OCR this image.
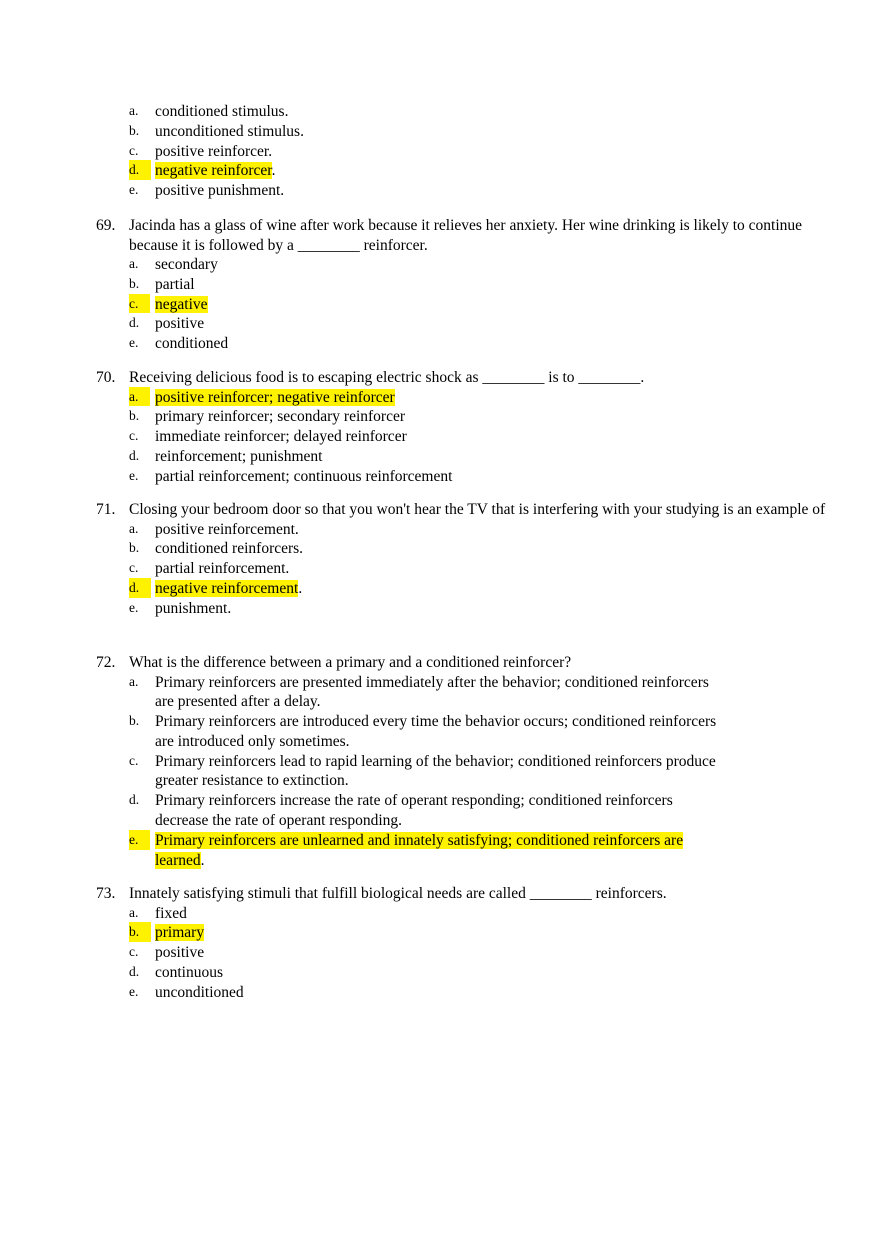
a. conditioned stimulus.
b. unconditioned stimulus.
c. positive reinforcer.
d.	negative reinforcer.
e. positive punishment.
69. Jacinda has a glass of wine after work because it relieves her anxiety. Her wine drinking is likely to continue because it is followed by a ________ reinforcer.
a. secondary
b. partial
c.	negative
d. positive
e. conditioned
70. Receiving delicious food is to escaping electric shock as ________ is to ________.
a.	positive reinforcer; negative reinforcer
b. primary reinforcer; secondary reinforcer
c. immediate reinforcer; delayed reinforcer
d. reinforcement; punishment
e. partial reinforcement; continuous reinforcement
71. Closing your bedroom door so that you won't hear the TV that is interfering with your studying is an example of
a. positive reinforcement.
b. conditioned reinforcers.
c. partial reinforcement.
d.	negative reinforcement.
e. punishment.
72. What is the difference between a primary and a conditioned reinforcer?
a. Primary reinforcers are presented immediately after the behavior; conditioned reinforcers are presented after a delay.
b. Primary reinforcers are introduced every time the behavior occurs; conditioned reinforcers are introduced only sometimes.
c. Primary reinforcers lead to rapid learning of the behavior; conditioned reinforcers produce greater resistance to extinction.
d. Primary reinforcers increase the rate of operant responding; conditioned reinforcers decrease the rate of operant responding.
e.	Primary reinforcers are unlearned and innately satisfying; conditioned reinforcers are learned.
73. Innately satisfying stimuli that fulfill biological needs are called ________ reinforcers.
a. fixed
b.	primary
c. positive
d. continuous
e. unconditioned
